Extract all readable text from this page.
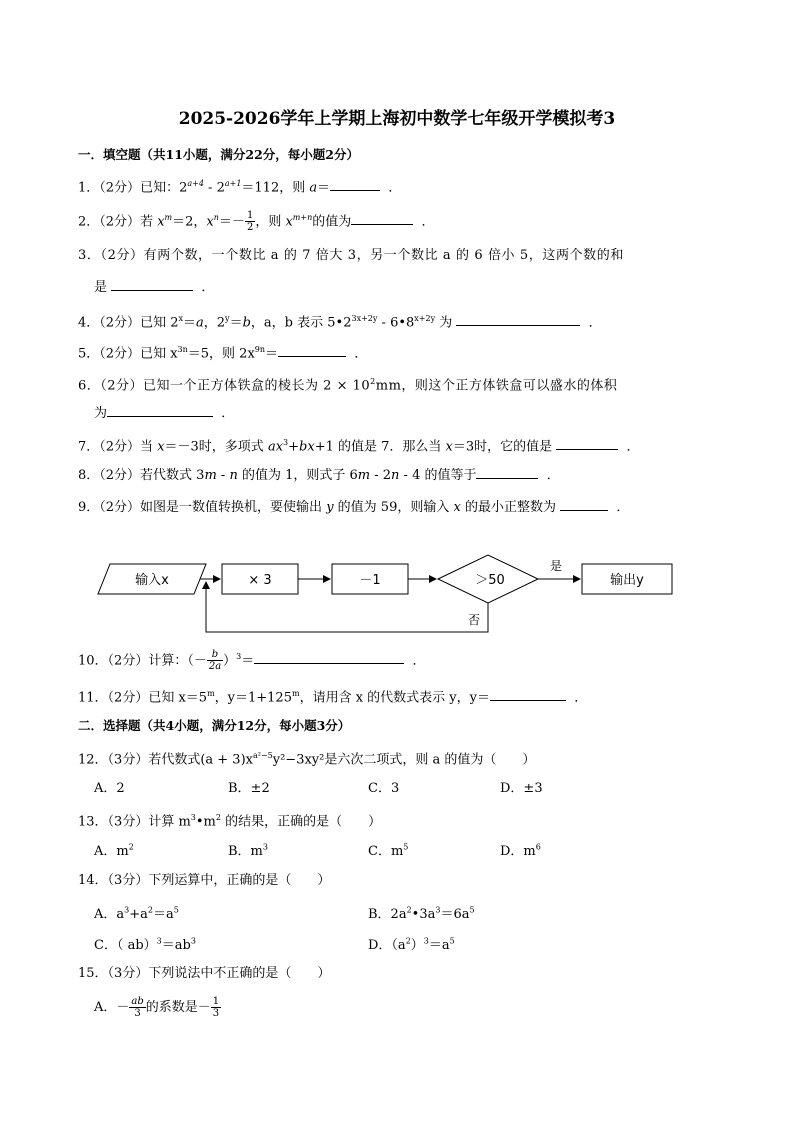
2025-2026学年上学期上海初中数学七年级开学模拟考3
一．填空题（共11小题，满分22分，每小题2分）
1．（2分）已知：$2^{a+4} - 2^{a+1}=112$，则 a＝	．
2．（2分）若 $x^m=2$，$x^n=- \frac{1}{2}$ ，则 $x^{m+n}$的值为	．
3．（2分）有两个数，一个数比 a 的 7 倍大 3，另一个数比 a 的 6 倍小 5，这两个数的和
是	．
4．（2分）已知 $2^x=a$，$2^y=b$，a，b 表示 $5•2^{3x+2y}$ - $6•8^{x+2y}$ 为	．
5．（2分）已知 $x^{3n}=5$，则 $2x^{9n}=$	．
6．（2分）已知一个正方体铁盒的棱长为 $2 \times 10^2mm$，则这个正方体铁盒可以盛水的体积
为	．
7．（2分）当 x＝－3时，多项式 $ax^3+bx+1$ 的值是 7．那么当 x＝3时，它的值是	．
8．（2分）若代数式 3m - n 的值为 1，则式子 6m - 2n - 4 的值等于	．
9．（2分）如图是一数值转换机，要使输出 y 的值为 59，则输入 x 的最小正整数为	．
输入x	× 3	－1	＞50
是
输出y
否
10．（2分）计算：（－ $\frac{b}{2a} )^3=$	．
11．（2分）已知 $x=5^m$，$y=1+125^m$，请用含 x 的代数式表示 y，y＝	．
二．选择题（共4小题，满分12分，每小题3分）
12．（3分）若代数式$(a + 3)x^{a^2-5}y^2-3xy^2$是六次二项式，则 a 的值为（　　）
A．2	B．±2	C．3	D．±3
13．（3分）计算 $m^3•m^2$ 的结果，正确的是（　　）
A．$m^2$	B．$m^3$	C．$m^5$	D．$m^6$
14．（3分）下列运算中，正确的是（　　）
A．$a^3+a^2=a^5$	B．$2a^2•3a^3=6a^5$
C．（ $ab)^3=ab^3$	D．$(a^2)^3=a^5$
15．（3分）下列说法中不正确的是（　　）
A．－ $\frac{ab}{3}$ 的系数是－ $\frac{1}{3}$
